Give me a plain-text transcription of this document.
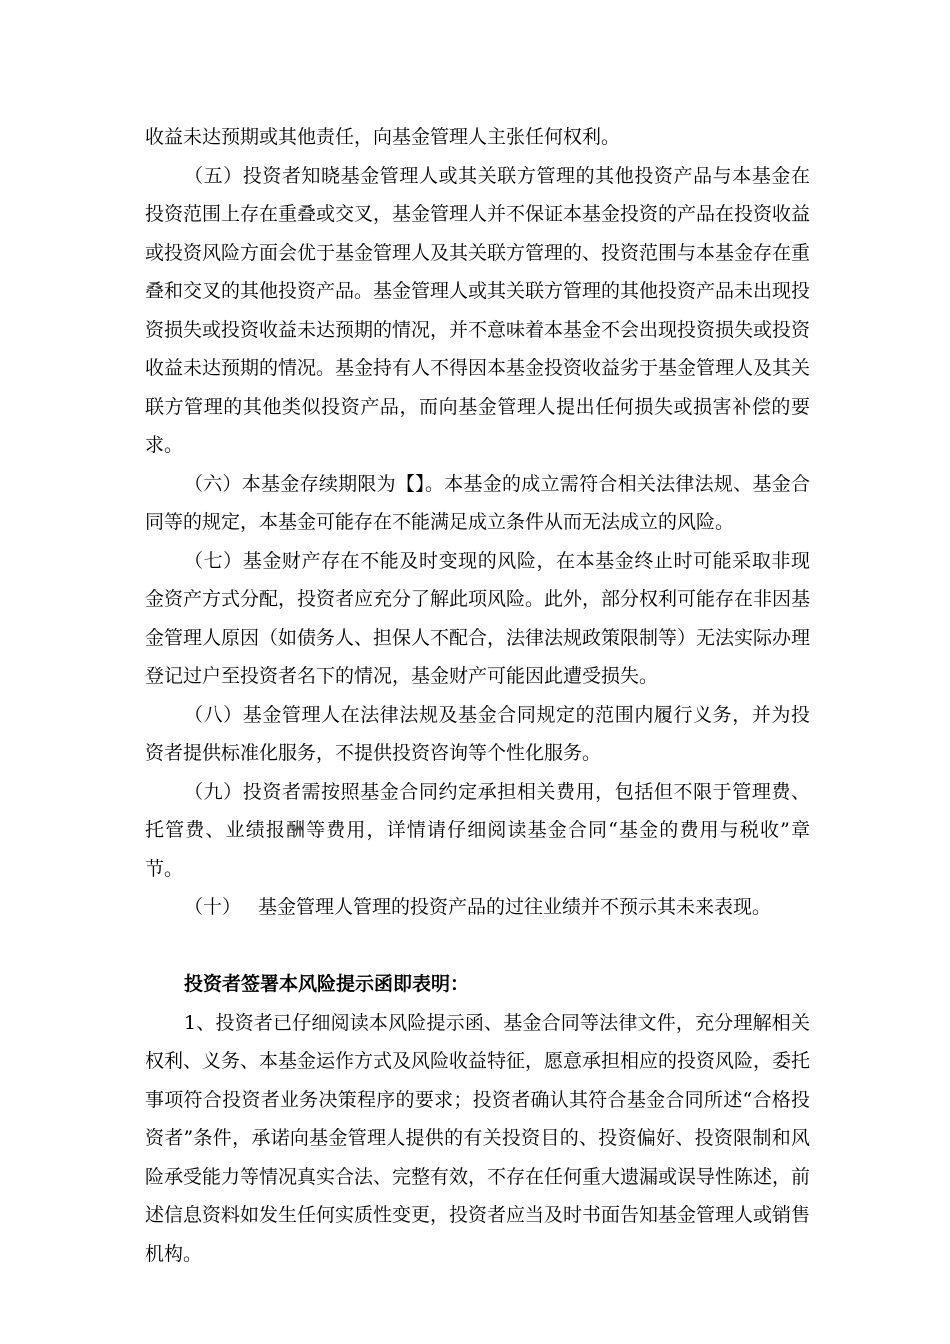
收益未达预期或其他责任，向基金管理人主张任何权利。

（五）投资者知晓基金管理人或其关联方管理的其他投资产品与本基金在投资范围上存在重叠或交叉，基金管理人并不保证本基金投资的产品在投资收益或投资风险方面会优于基金管理人及其关联方管理的、投资范围与本基金存在重叠和交叉的其他投资产品。基金管理人或其关联方管理的其他投资产品未出现投资损失或投资收益未达预期的情况，并不意味着本基金不会出现投资损失或投资收益未达预期的情况。基金持有人不得因本基金投资收益劣于基金管理人及其关联方管理的其他类似投资产品，而向基金管理人提出任何损失或损害补偿的要求。

（六）本基金存续期限为【】。本基金的成立需符合相关法律法规、基金合同等的规定，本基金可能存在不能满足成立条件从而无法成立的风险。

（七）基金财产存在不能及时变现的风险，在本基金终止时可能采取非现金资产方式分配，投资者应充分了解此项风险。此外，部分权利可能存在非因基金管理人原因（如债务人、担保人不配合，法律法规政策限制等）无法实际办理登记过户至投资者名下的情况，基金财产可能因此遭受损失。

（八）基金管理人在法律法规及基金合同规定的范围内履行义务，并为投资者提供标准化服务，不提供投资咨询等个性化服务。

（九）投资者需按照基金合同约定承担相关费用，包括但不限于管理费、托管费、业绩报酬等费用，详情请仔细阅读基金合同“基金的费用与税收”章节。

（十） 基金管理人管理的投资产品的过往业绩并不预示其未来表现。

投资者签署本风险提示函即表明：

1、投资者已仔细阅读本风险提示函、基金合同等法律文件，充分理解相关权利、义务、本基金运作方式及风险收益特征，愿意承担相应的投资风险，委托事项符合投资者业务决策程序的要求；投资者确认其符合基金合同所述“合格投资者”条件，承诺向基金管理人提供的有关投资目的、投资偏好、投资限制和风险承受能力等情况真实合法、完整有效，不存在任何重大遗漏或误导性陈述，前述信息资料如发生任何实质性变更，投资者应当及时书面告知基金管理人或销售机构。
